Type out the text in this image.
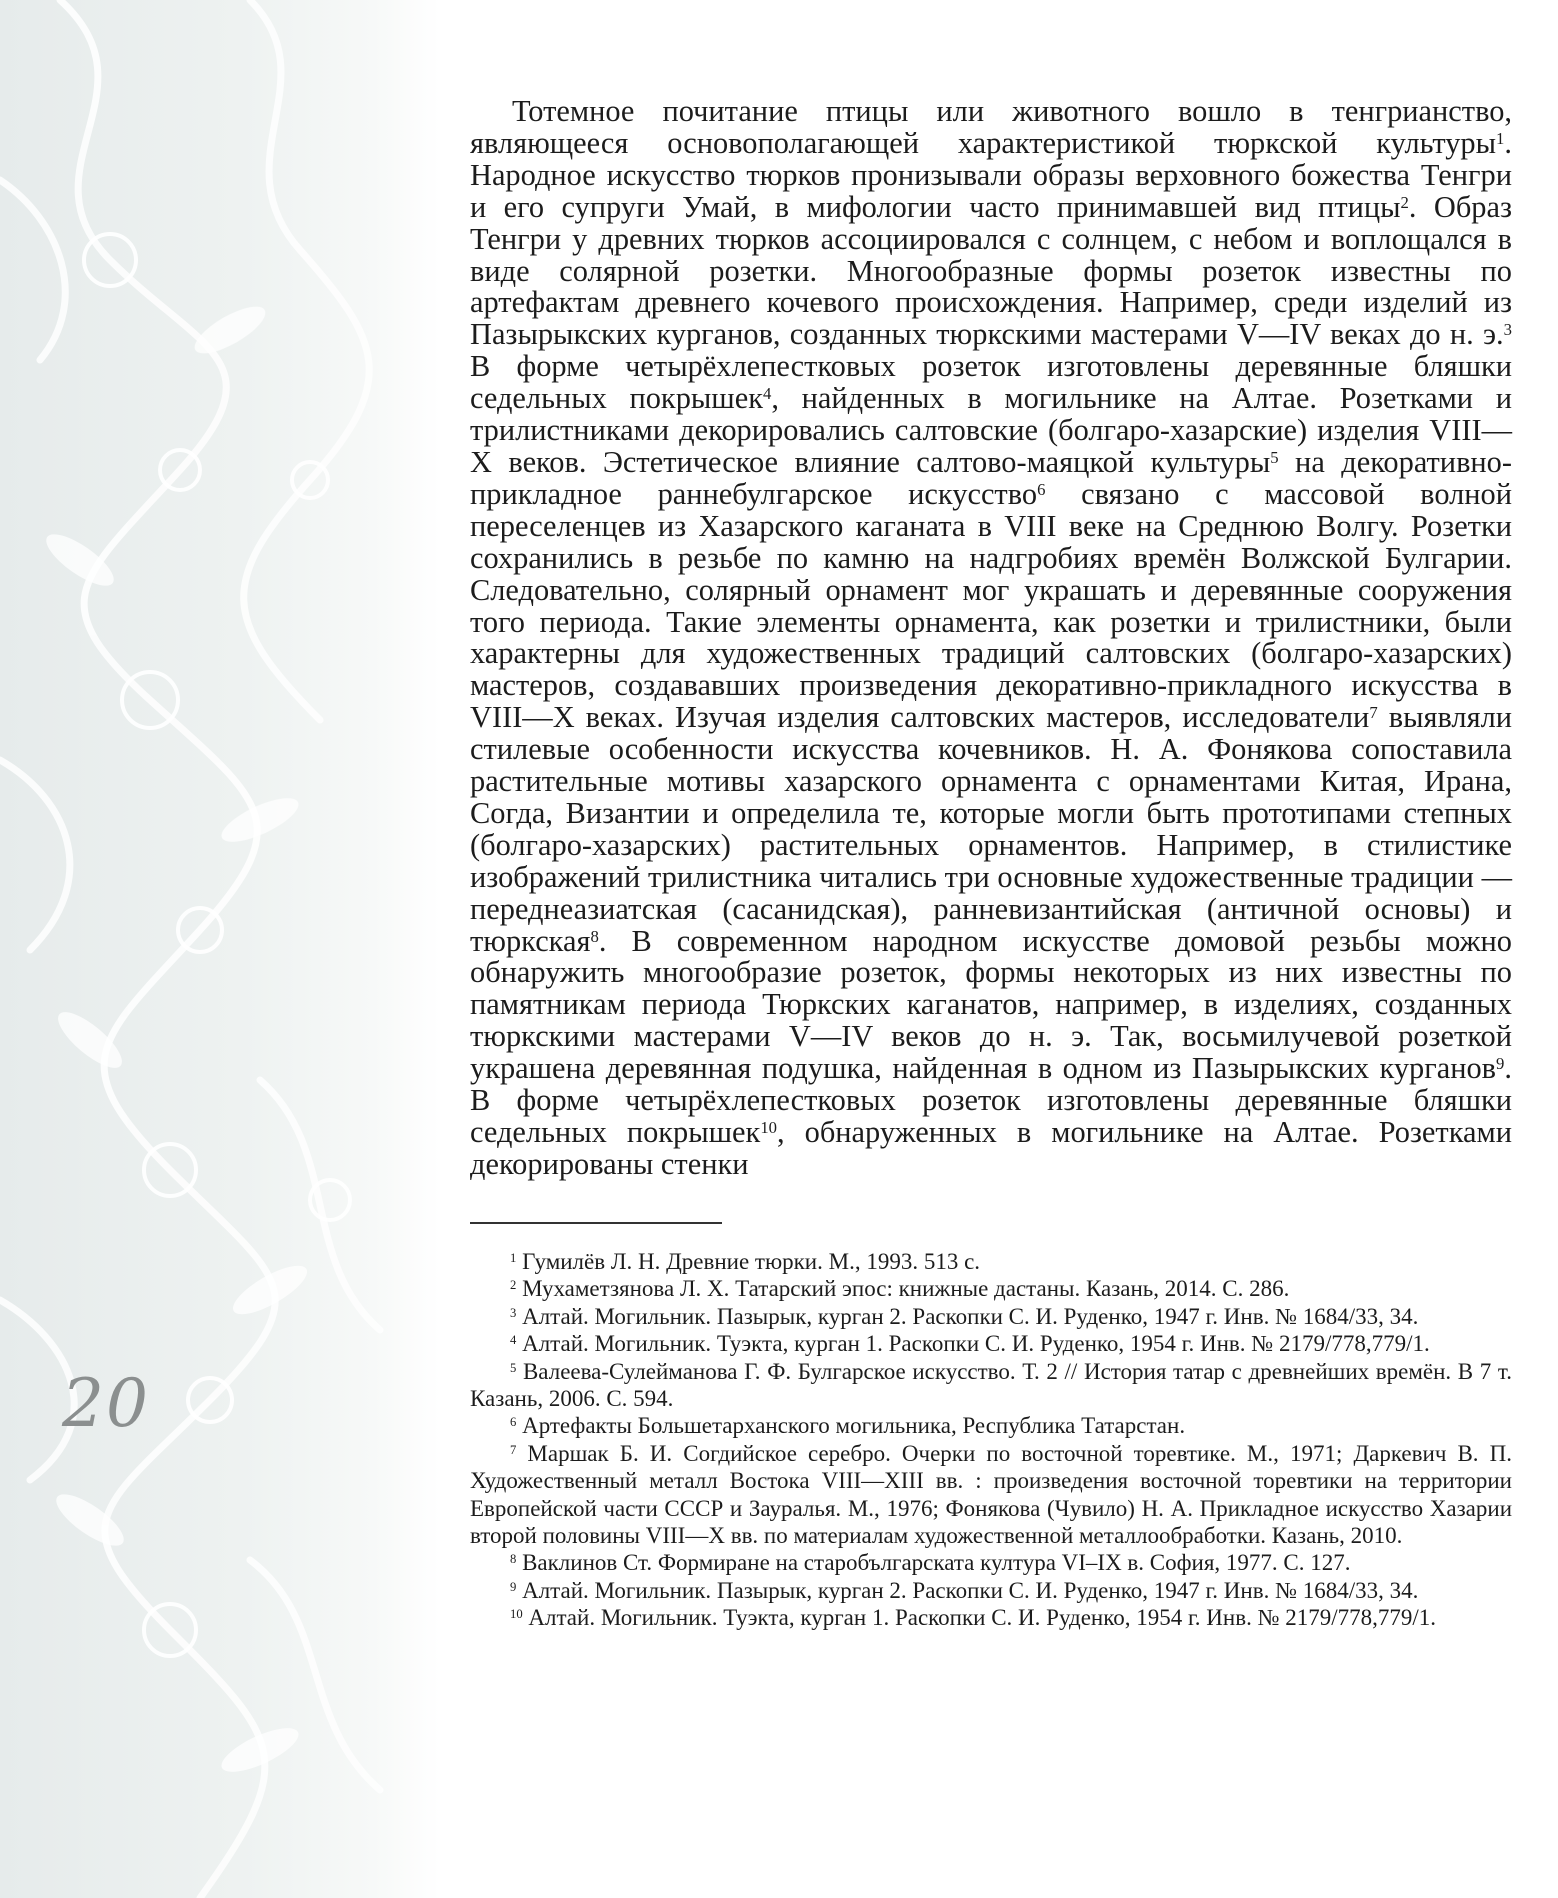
20

Тотемное почитание птицы или животного вошло в тенгрианство, являющееся основополагающей характеристикой тюркской культуры$^1$. Народное искусство тюрков пронизывали образы верховного божества Тенгри и его супруги Умай, в мифологии часто принимавшей вид птицы$^2$. Образ Тенгри у древних тюрков ассоциировался с солнцем, с небом и воплощался в виде солярной розетки. Многообразные формы розеток известны по артефактам древнего кочевого происхождения. Например, среди изделий из Пазырыкских курганов, созданных тюркскими мастерами V—IV веках до н. э.$^3$ В форме четырёхлепестковых розеток изготовлены деревянные бляшки седельных покрышек$^4$, найденных в могильнике на Алтае. Розетками и трилистниками декорировались салтовские (болгаро-хазарские) изделия VIII—X веков. Эстетическое влияние салтово-маяцкой культуры$^5$ на декоративно-прикладное раннебулгарское искусство$^6$ связано с массовой волной переселенцев из Хазарского каганата в VIII веке на Среднюю Волгу. Розетки сохранились в резьбе по камню на надгробиях времён Волжской Булгарии. Следовательно, солярный орнамент мог украшать и деревянные сооружения того периода. Такие элементы орнамента, как розетки и трилистники, были характерны для художественных традиций салтовских (болгаро-хазарских) мастеров, создававших произведения декоративно-прикладного искусства в VIII—X веках. Изучая изделия салтовских мастеров, исследователи$^7$ выявляли стилевые особенности искусства кочевников. Н. А. Фонякова сопоставила растительные мотивы хазарского орнамента с орнаментами Китая, Ирана, Согда, Византии и определила те, которые могли быть прототипами степных (болгаро-хазарских) растительных орнаментов. Например, в стилистике изображений трилистника читались три основные художественные традиции — переднеазиатская (сасанидская), ранневизантийская (античной основы) и тюркская$^8$. В современном народном искусстве домовой резьбы можно обнаружить многообразие розеток, формы некоторых из них известны по памятникам периода Тюркских каганатов, например, в изделиях, созданных тюркскими мастерами V—IV веков до н. э. Так, восьмилучевой розеткой украшена деревянная подушка, найденная в одном из Пазырыкских курганов$^9$. В форме четырёхлепестковых розеток изготовлены деревянные бляшки седельных покрышек$^{10}$, обнаруженных в могильнике на Алтае. Розетками декорированы стенки

$^1$ Гумилёв Л. Н. Древние тюрки. М., 1993. 513 с.
$^2$ Мухаметзянова Л. Х. Татарский эпос: книжные дастаны. Казань, 2014. С. 286.
$^3$ Алтай. Могильник. Пазырык, курган 2. Раскопки С. И. Руденко, 1947 г. Инв. № 1684/33, 34.
$^4$ Алтай. Могильник. Туэкта, курган 1. Раскопки С. И. Руденко, 1954 г. Инв. № 2179/778,779/1.
$^5$ Валеева-Сулейманова Г. Ф. Булгарское искусство. Т. 2 // История татар с древнейших времён. В 7 т. Казань, 2006. С. 594.
$^6$ Артефакты Большетарханского могильника, Республика Татарстан.
$^7$ Маршак Б. И. Согдийское серебро. Очерки по восточной торевтике. М., 1971; Даркевич В. П. Художественный металл Востока VIII—XIII вв. : произведения восточной торевтики на территории Европейской части СССР и Зауралья. М., 1976; Фонякова (Чувило) Н. А. Прикладное искусство Хазарии второй половины VIII—X вв. по материалам художественной металлообработки. Казань, 2010.
$^8$ Ваклинов Ст. Формиране на старобългарската култура VI–IX в. София, 1977. С. 127.
$^9$ Алтай. Могильник. Пазырык, курган 2. Раскопки С. И. Руденко, 1947 г. Инв. № 1684/33, 34.
$^{10}$ Алтай. Могильник. Туэкта, курган 1. Раскопки С. И. Руденко, 1954 г. Инв. № 2179/778,779/1.
